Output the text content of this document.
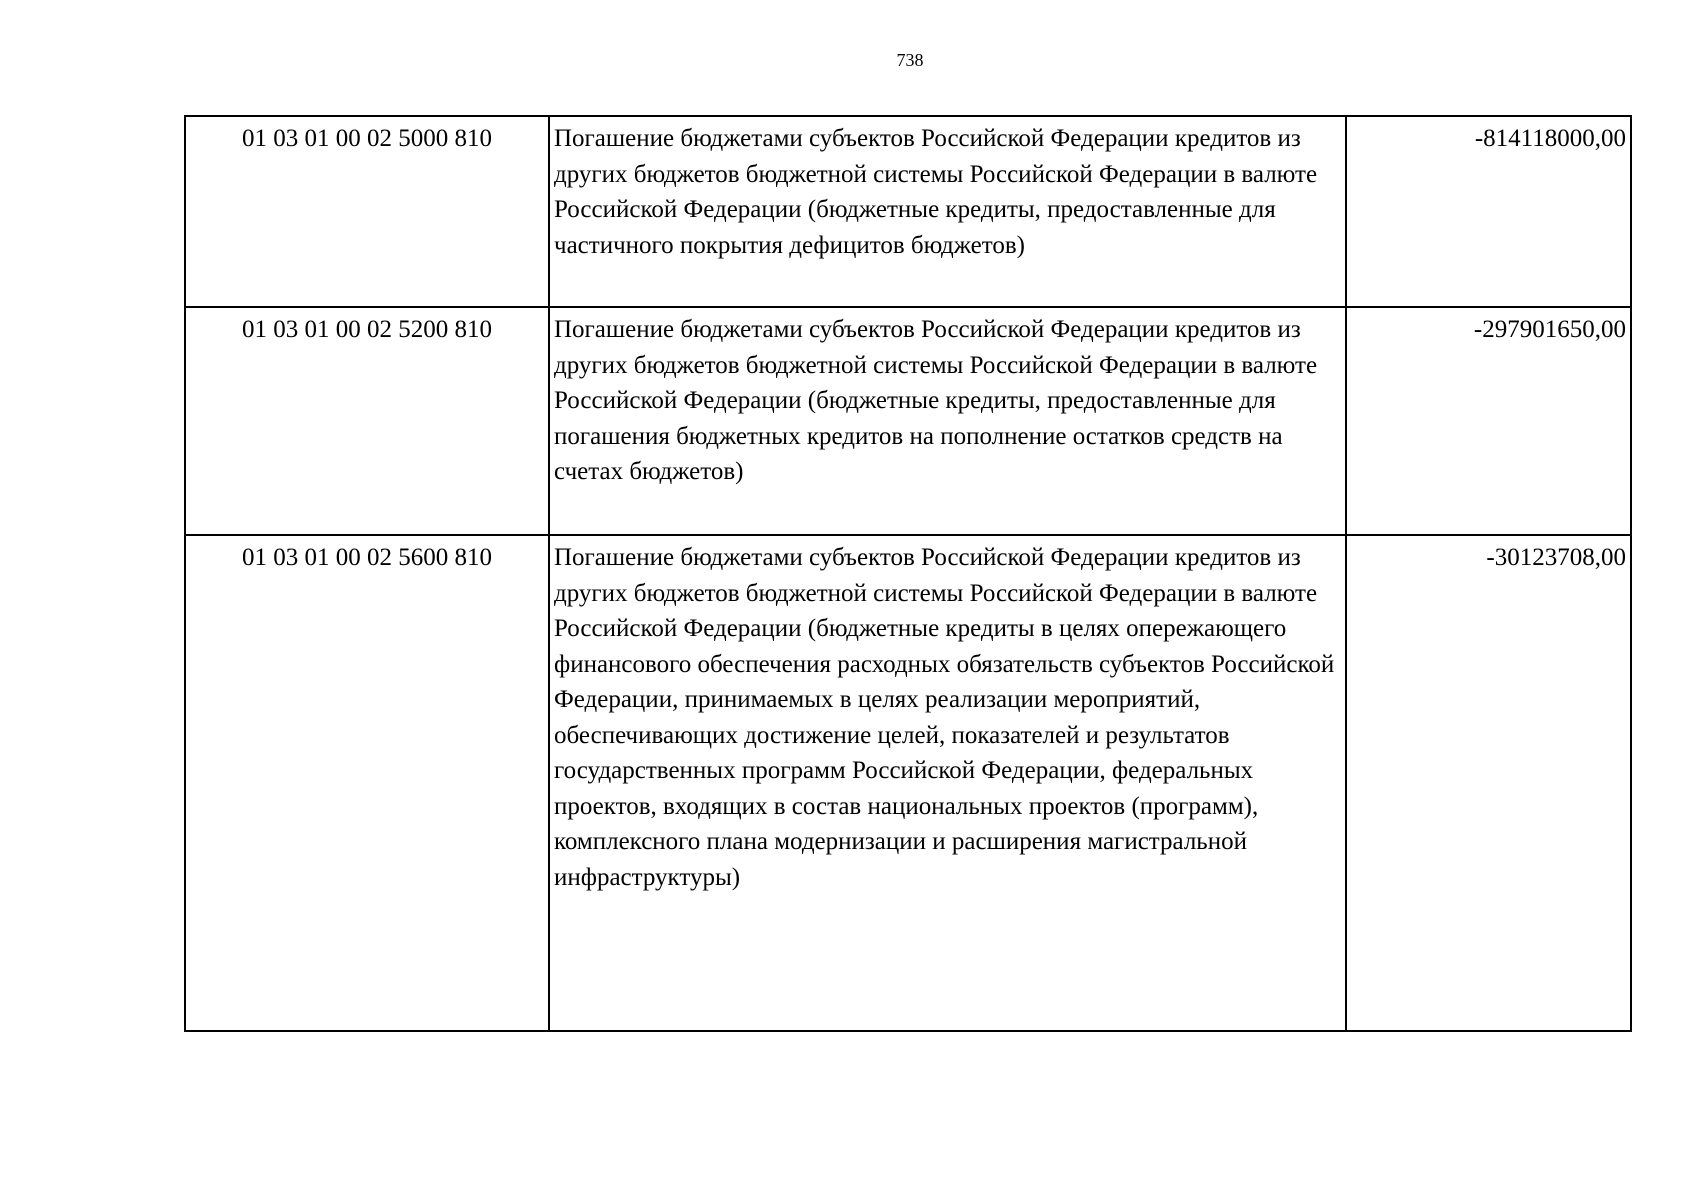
738
01 03 01 00 02 5000 810	Погашение бюджетами субъектов Российской Федерации кредитов из других бюджетов бюджетной системы Российской Федерации в валюте Российской Федерации (бюджетные кредиты, предоставленные для частичного покрытия дефицитов бюджетов)	-814118000,00
01 03 01 00 02 5200 810	Погашение бюджетами субъектов Российской Федерации кредитов из других бюджетов бюджетной системы Российской Федерации в валюте Российской Федерации (бюджетные кредиты, предоставленные для погашения бюджетных кредитов на пополнение остатков средств на счетах бюджетов)	-297901650,00
01 03 01 00 02 5600 810	Погашение бюджетами субъектов Российской Федерации кредитов из других бюджетов бюджетной системы Российской Федерации в валюте Российской Федерации (бюджетные кредиты в целях опережающего финансового обеспечения расходных обязательств субъектов Российской Федерации, принимаемых в целях реализации мероприятий, обеспечивающих достижение целей, показателей и результатов государственных программ Российской Федерации, федеральных проектов, входящих в состав национальных проектов (программ), комплексного плана модернизации и расширения магистральной инфраструктуры)	-30123708,00
